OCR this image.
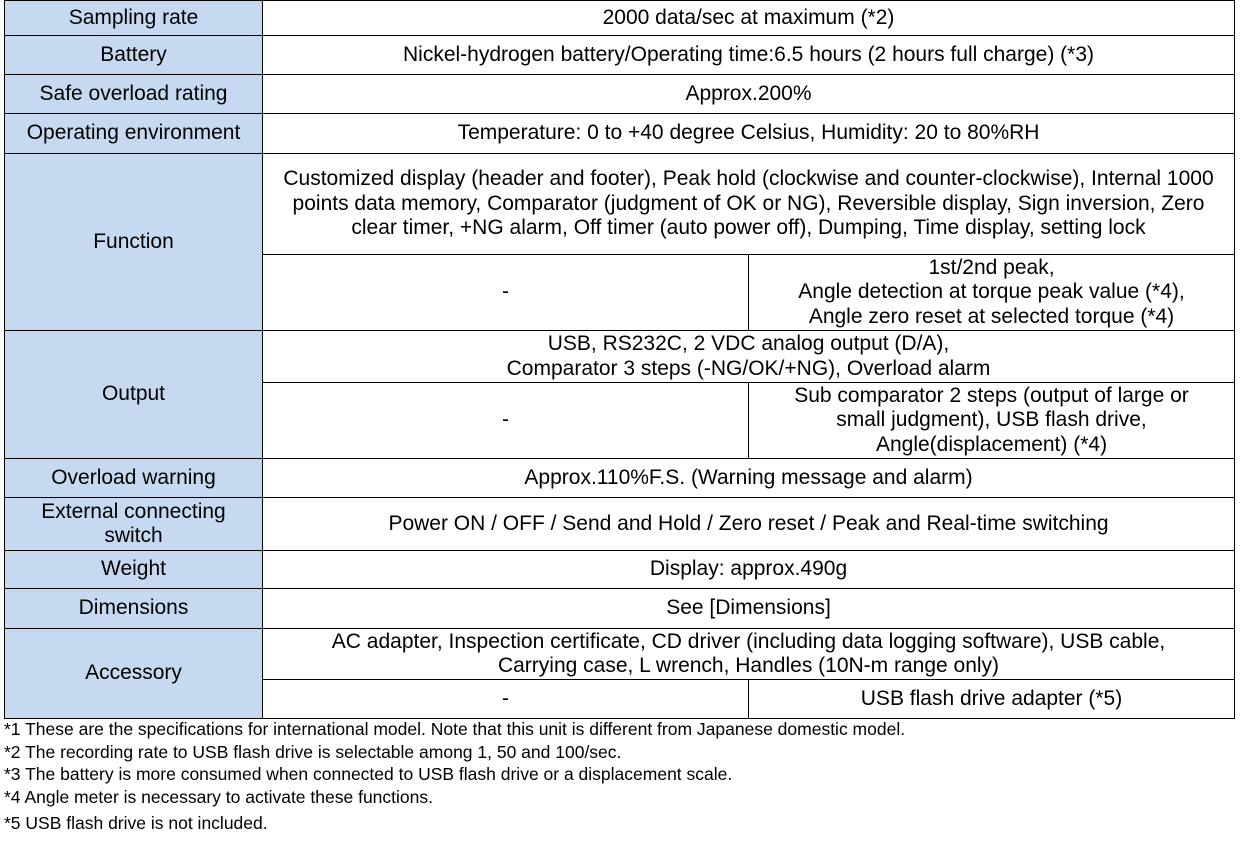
Sampling rate	2000 data/sec at maximum (*2)	
Battery	Nickel-hydrogen battery/Operating time:6.5 hours (2 hours full charge) (*3)	
Safe overload rating	Approx.200%	
Operating environment	Temperature: 0 to +40 degree Celsius, Humidity: 20 to 80%RH	
Function	Customized display (header and footer), Peak hold (clockwise and counter-clockwise), Internal 1000 points data memory, Comparator (judgment of OK or NG), Reversible display, Sign inversion, Zero clear timer, +NG alarm, Off timer (auto power off), Dumping, Time display, setting lock	
	-	1st/2nd peak,
Angle detection at torque peak value (*4),
Angle zero reset at selected torque (*4)

Output	USB, RS232C, 2 VDC analog output (D/A),
Comparator 3 steps (-NG/OK/+NG), Overload alarm	

	-	Sub comparator 2 steps (output of large or
small judgment), USB flash drive,
Angle(displacement) (*4)

Overload warning	Approx.110%F.S. (Warning message and alarm)	

External connecting
switch	Power ON / OFF / Send and Hold / Zero reset / Peak and Real-time switching	
Weight	Display: approx.490g	
Dimensions	See [Dimensions]	
Accessory	AC adapter, Inspection certificate, CD driver (including data logging software), USB cable,
Carrying case, L wrench, Handles (10N-m range only)	

	-	USB flash drive adapter (*5)
*1 These are the specifications for international model. Note that this unit is different from Japanese domestic model.
*2 The recording rate to USB flash drive is selectable among 1, 50 and 100/sec.
*3 The battery is more consumed when connected to USB flash drive or a displacement scale.
*4 Angle meter is necessary to activate these functions.
*5 USB flash drive is not included.
